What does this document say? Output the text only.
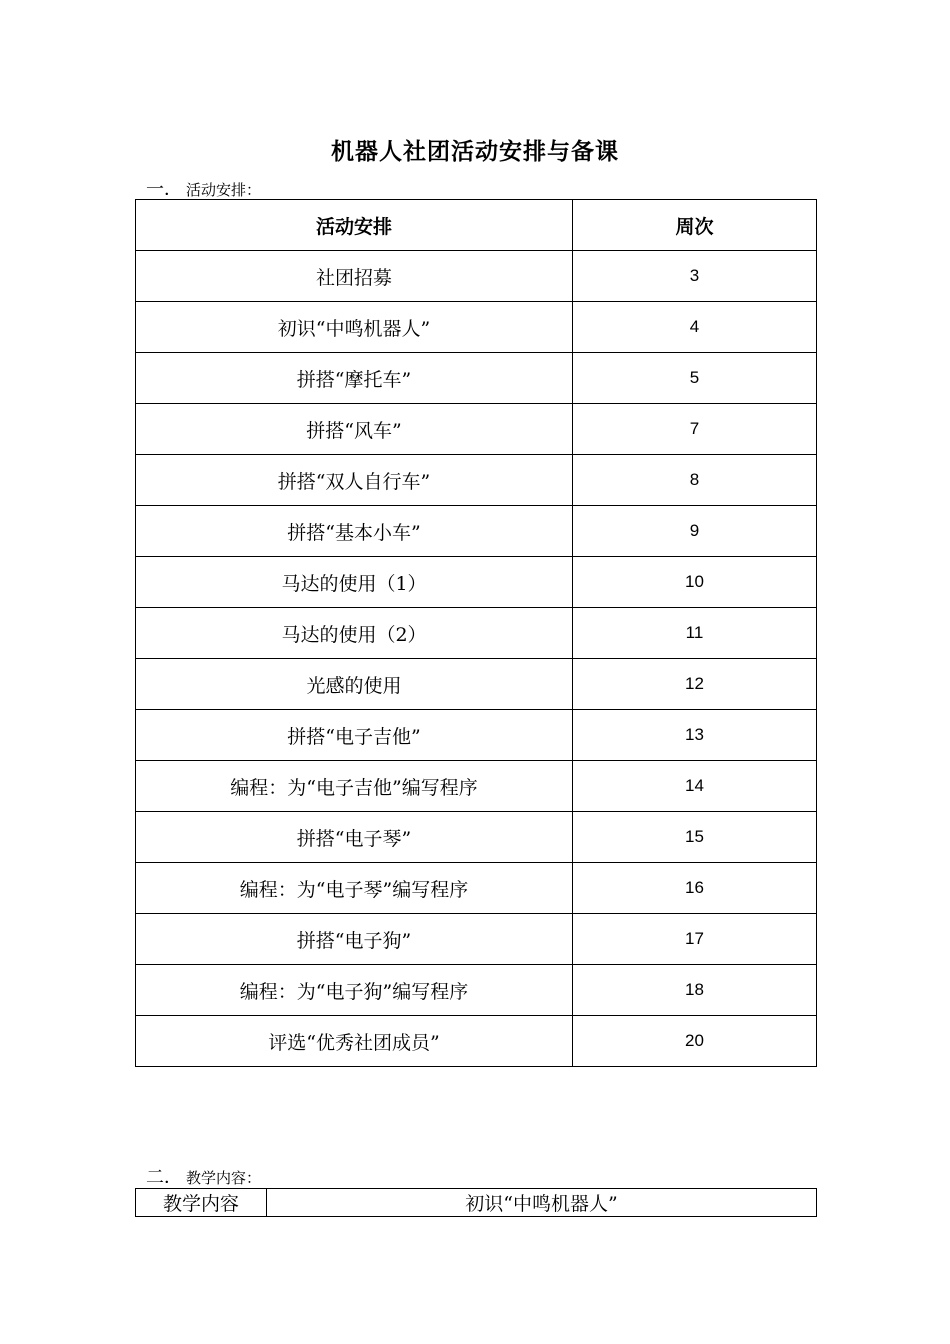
机器人社团活动安排与备课
一． 活动安排：
活动安排	周次
社团招募	3
初识“中鸣机器人”	4
拼搭“摩托车”	5
拼搭“风车”	7
拼搭“双人自行车”	8
拼搭“基本小车”	9
马达的使用（1）	10
马达的使用（2）	11
光感的使用	12
拼搭“电子吉他”	13
编程：为“电子吉他”编写程序	14
拼搭“电子琴”	15
编程：为“电子琴”编写程序	16
拼搭“电子狗”	17
编程：为“电子狗”编写程序	18
评选“优秀社团成员”	20
二． 教学内容：
教学内容	初识“中鸣机器人”
